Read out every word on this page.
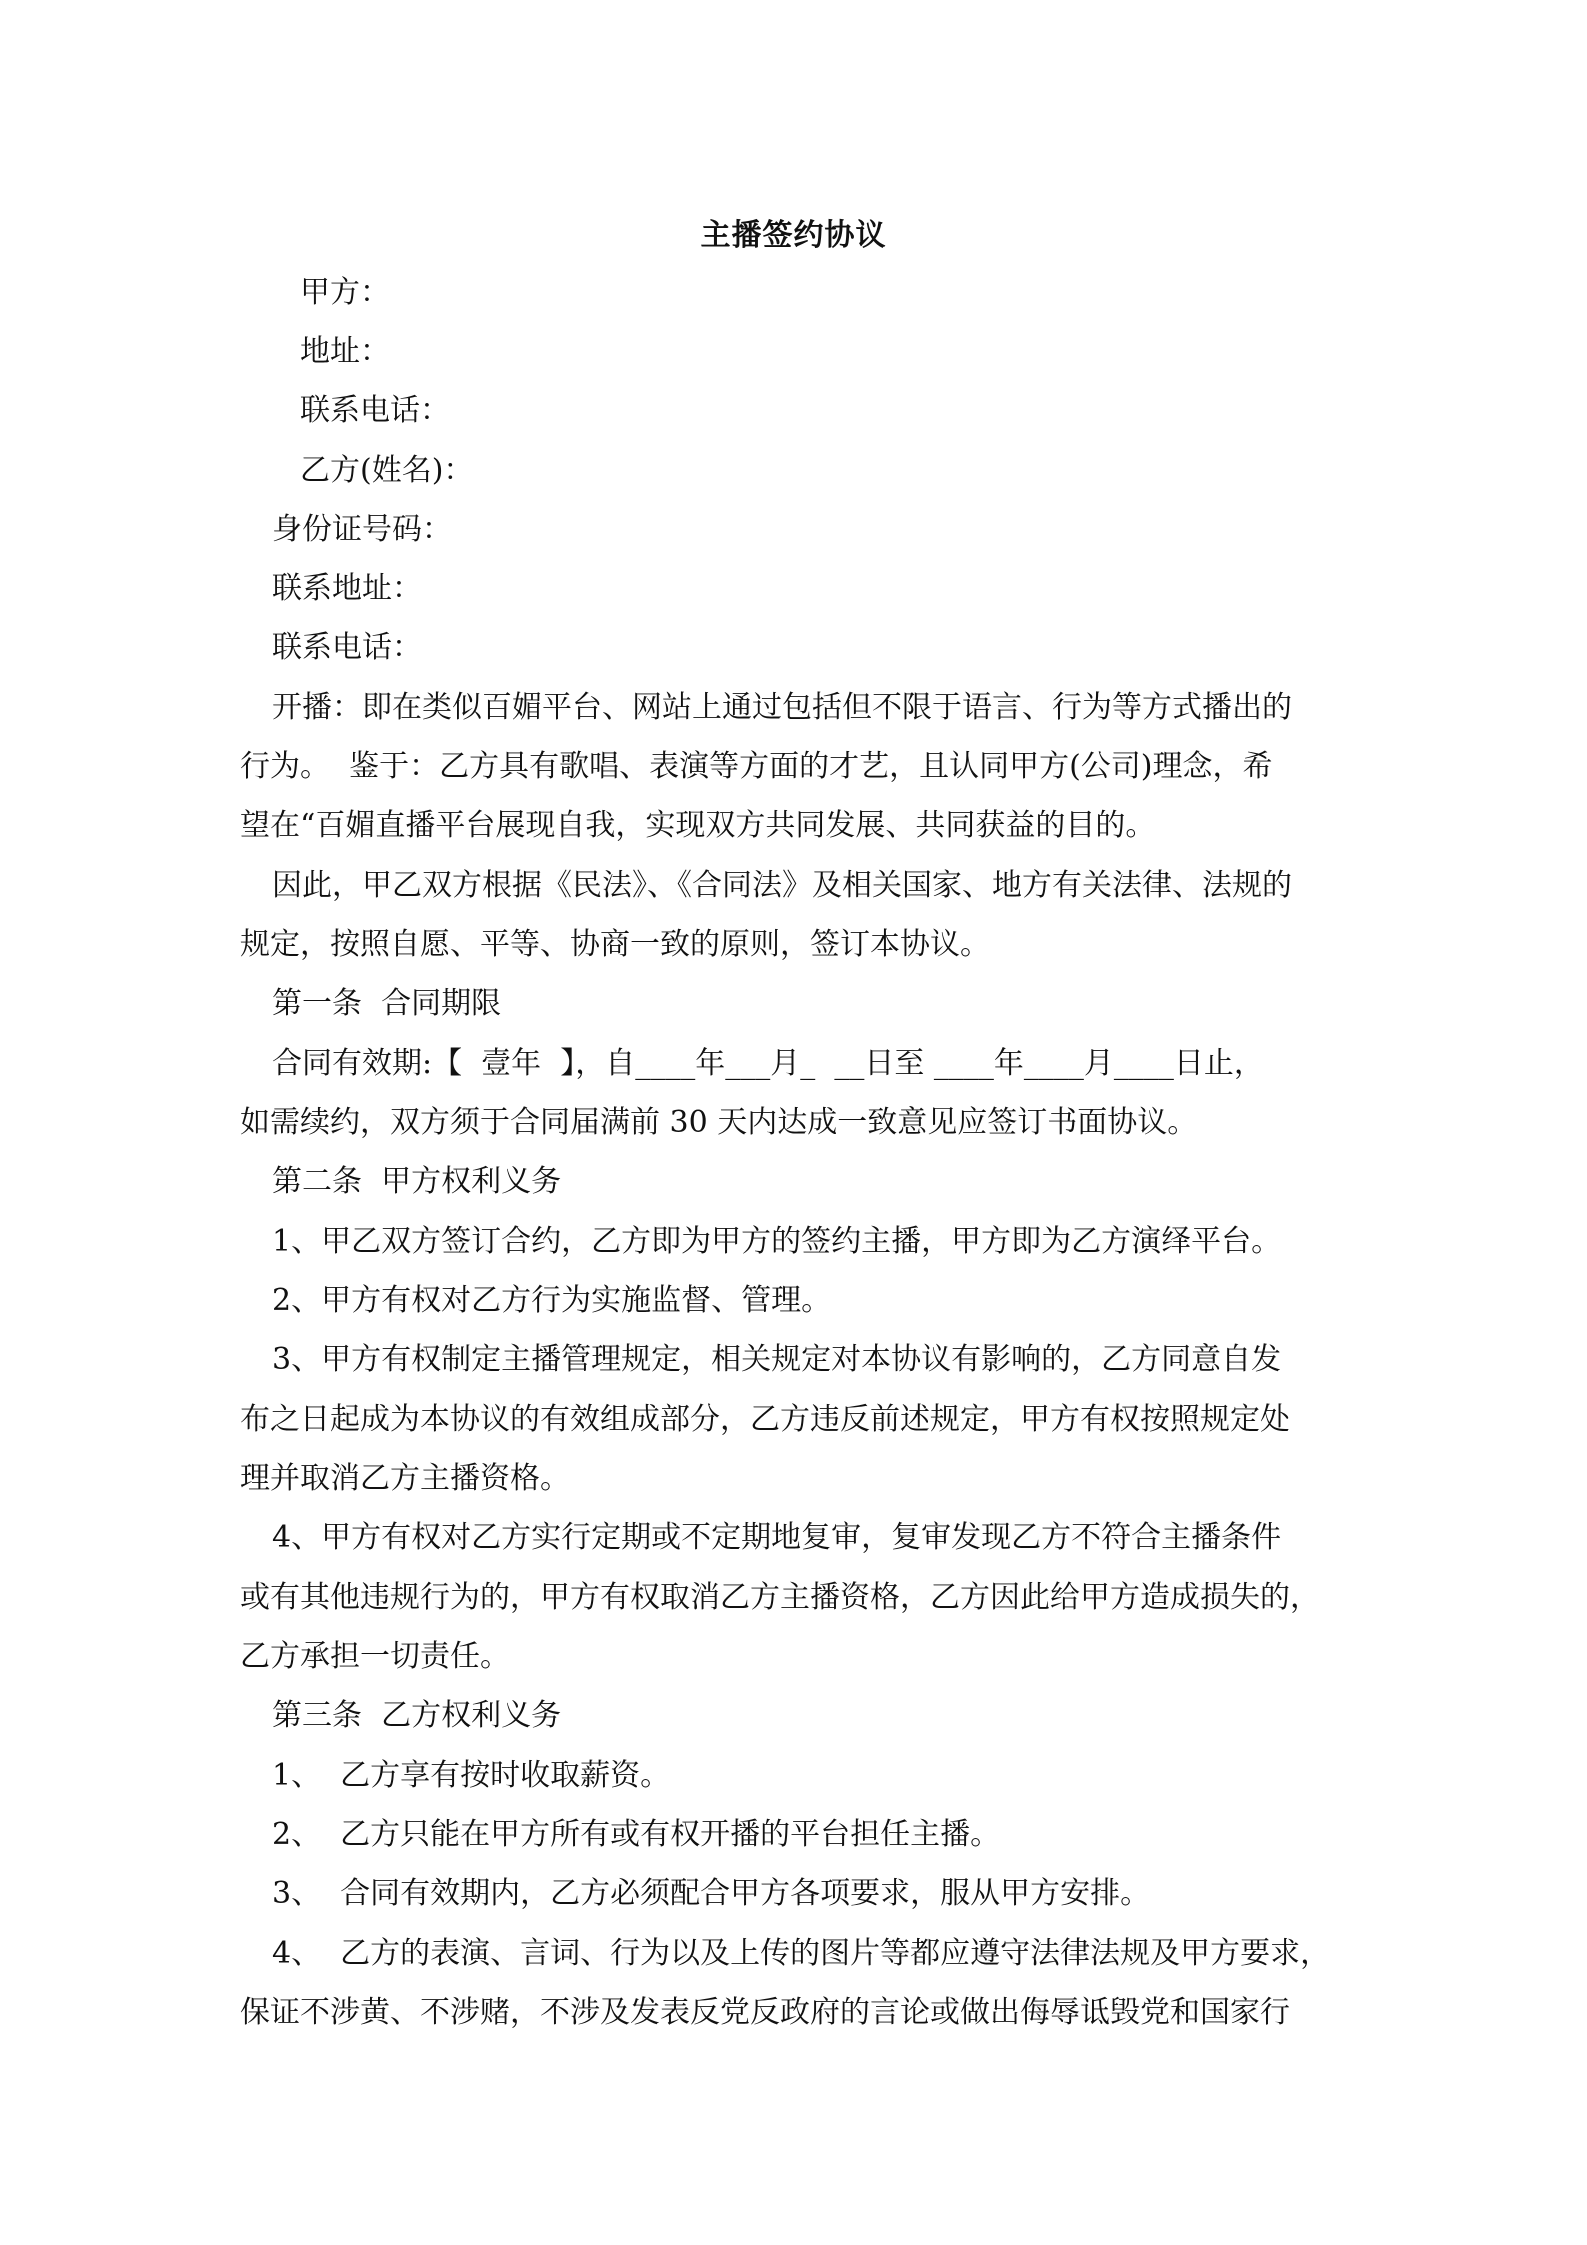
主播签约协议
甲方：
地址：
联系电话：
乙方(姓名)：
身份证号码：
联系地址：
联系电话：
开播：即在类似百媚平台、网站上通过包括但不限于语言、行为等方式播出的
行为。  鉴于：乙方具有歌唱、表演等方面的才艺，且认同甲方(公司)理念，希
望在“百媚直播平台展现自我，实现双方共同发展、共同获益的目的。
因此，甲乙双方根据《民法》、《合同法》及相关国家、地方有关法律、法规的
规定，按照自愿、平等、协商一致的原则，签订本协议。
第一条  合同期限
合同有效期:【  壹年  】，自____年___月_  __日至 ____年____月____日止，
如需续约，双方须于合同届满前 30 天内达成一致意见应签订书面协议。
第二条  甲方权利义务
1、甲乙双方签订合约，乙方即为甲方的签约主播，甲方即为乙方演绎平台。
2、甲方有权对乙方行为实施监督、管理。
3、甲方有权制定主播管理规定，相关规定对本协议有影响的，乙方同意自发
布之日起成为本协议的有效组成部分，乙方违反前述规定，甲方有权按照规定处
理并取消乙方主播资格。
4、甲方有权对乙方实行定期或不定期地复审，复审发现乙方不符合主播条件
或有其他违规行为的，甲方有权取消乙方主播资格，乙方因此给甲方造成损失的，
乙方承担一切责任。
第三条  乙方权利义务
1、  乙方享有按时收取薪资。
2、  乙方只能在甲方所有或有权开播的平台担任主播。
3、  合同有效期内，乙方必须配合甲方各项要求，服从甲方安排。
4、  乙方的表演、言词、行为以及上传的图片等都应遵守法律法规及甲方要求，
保证不涉黄、不涉赌，不涉及发表反党反政府的言论或做出侮辱诋毁党和国家行
